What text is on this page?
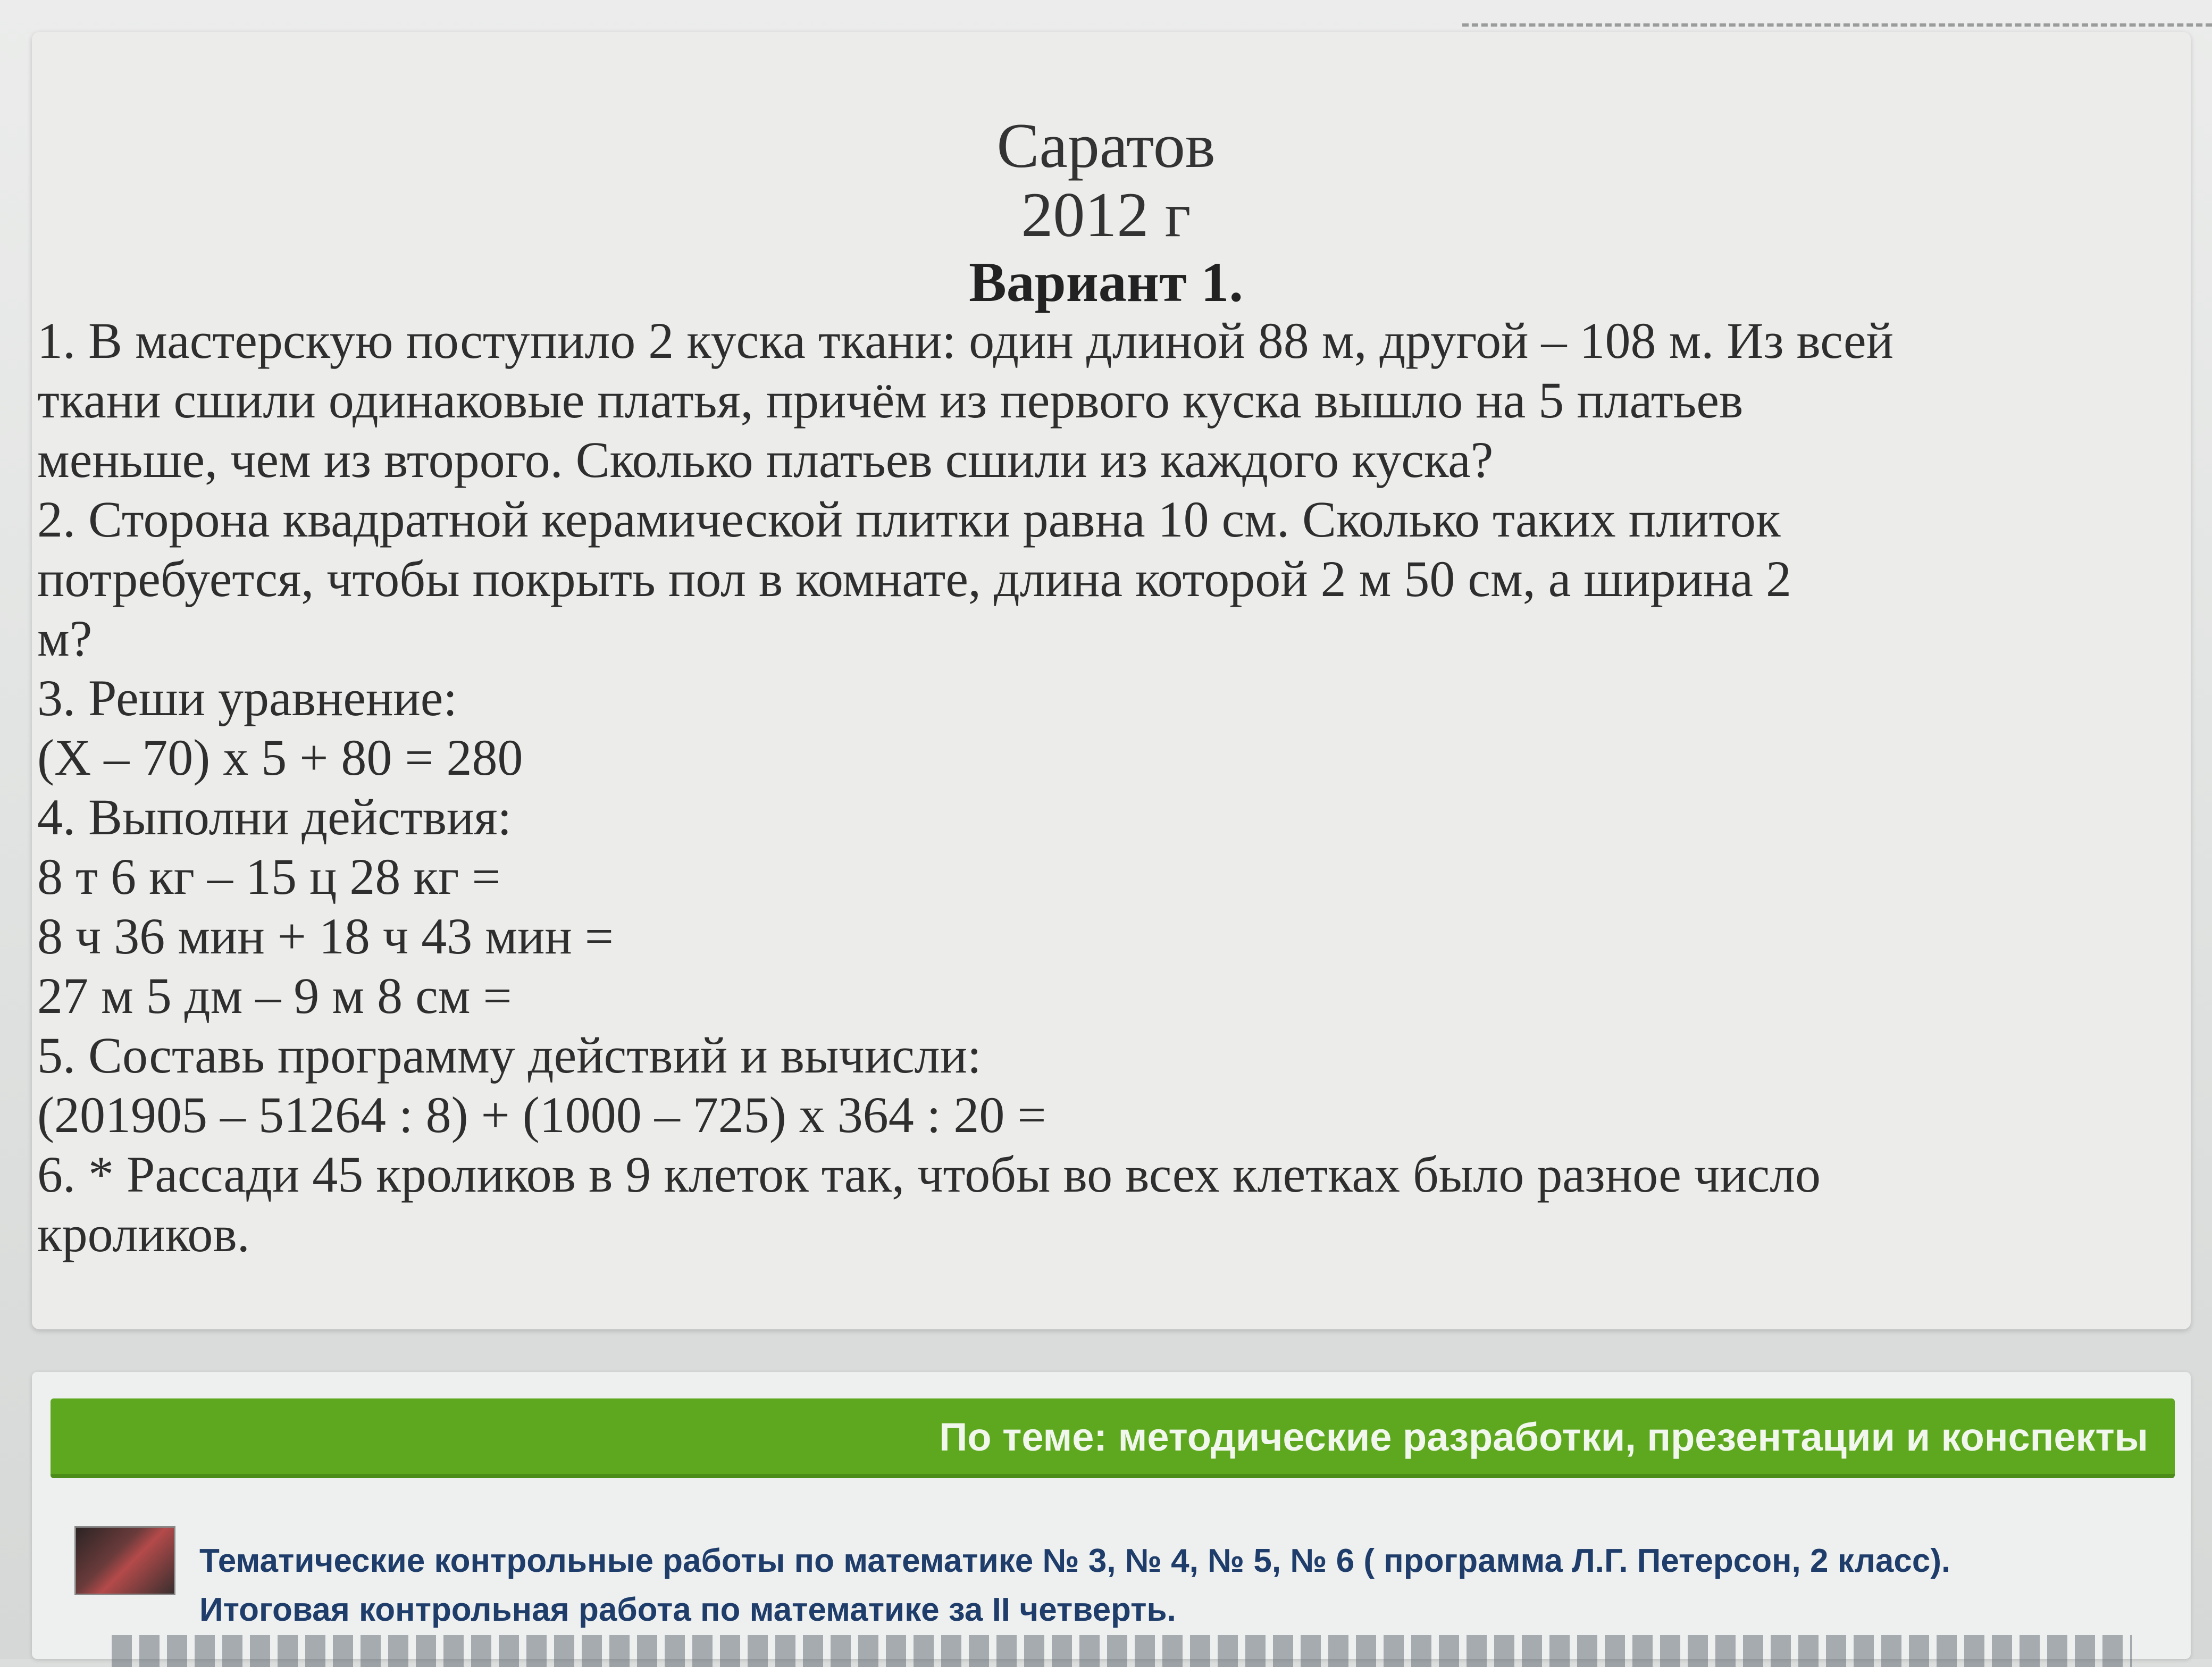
Саратов
2012 г
Вариант 1.

1. В мастерскую поступило 2 куска ткани: один длиной 88 м, другой – 108 м. Из всей

ткани сшили одинаковые платья, причём из первого куска вышло на 5 платьев

меньше, чем из второго. Сколько платьев сшили из каждого куска?

2. Сторона квадратной керамической плитки равна 10 см. Сколько таких плиток

потребуется, чтобы покрыть пол в комнате, длина которой 2 м 50 см, а ширина 2

м?

3. Реши уравнение:

(Х – 70) х 5 + 80 = 280

4. Выполни действия:

8 т 6 кг – 15 ц 28 кг =

8 ч 36 мин + 18 ч 43 мин =

27 м 5 дм – 9 м 8 см =

5. Составь программу действий и вычисли:

(201905 – 51264 : 8) + (1000 – 725) х 364 : 20 =

6. * Рассади 45 кроликов в 9 клеток так, чтобы во всех клетках было разное число

кроликов.

По теме: методические разработки, презентации и конспекты
Тематические контрольные работы по математике № 3, № 4, № 5, № 6 ( программа Л.Г. Петерсон, 2 класс).
Итоговая контрольная работа по математике за II четверть.
